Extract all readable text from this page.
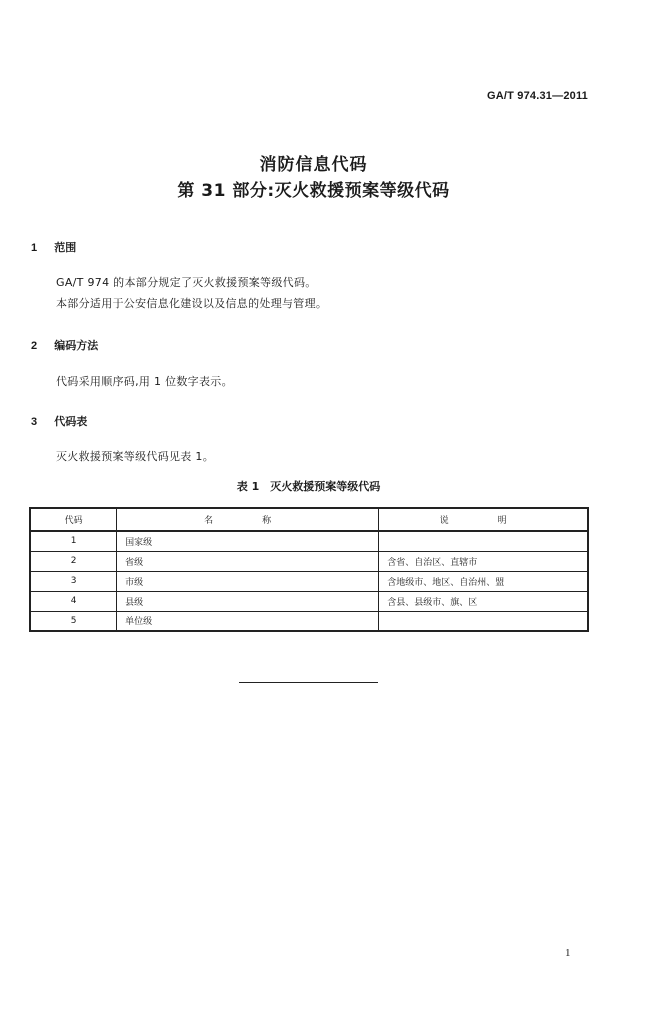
GA/T 974.31—2011
消防信息代码
第 31 部分:灭火救援预案等级代码
1 范围
GA/T 974 的本部分规定了灭火救援预案等级代码。
本部分适用于公安信息化建设以及信息的处理与管理。
2 编码方法
代码采用顺序码,用 1 位数字表示。
3 代码表
灭火救援预案等级代码见表 1。
表 1　灭火救援预案等级代码
代码	名　称	说　明
1	国家级	
2	省级	含省、自治区、直辖市
3	市级	含地级市、地区、自治州、盟
4	县级	含县、县级市、旗、区
5	单位级	
1
